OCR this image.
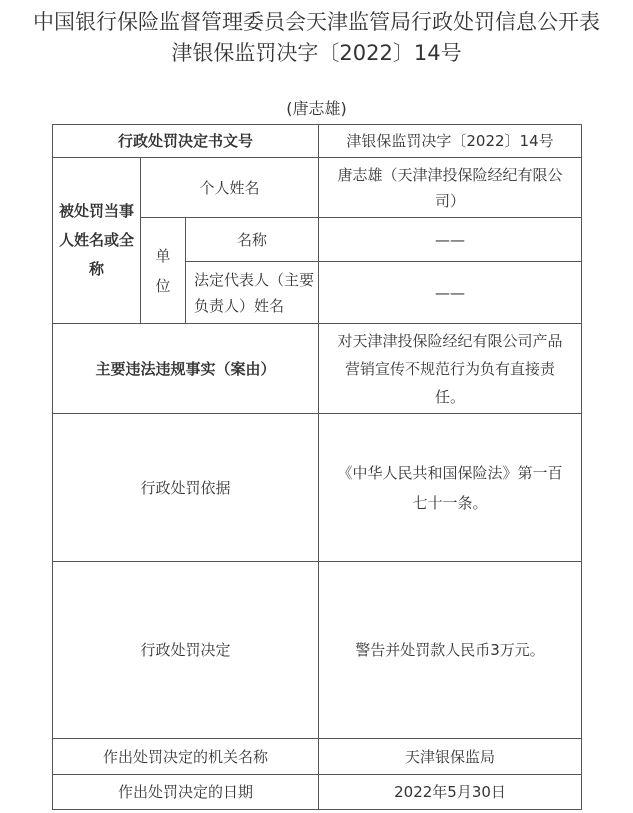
中国银行保险监督管理委员会天津监管局行政处罚信息公开表
津银保监罚决字〔2022〕14号
(唐志雄)
行政处罚决定书文号			津银保监罚决字〔2022〕14号
被处罚当事人姓名或全称	个人姓名		唐志雄（天津津投保险经纪有限公司）
	单位	名称	——
		法定代表人（主要负责人）姓名	——
主要违法违规事实（案由）			对天津津投保险经纪有限公司产品营销宣传不规范行为负有直接责任。
行政处罚依据			《中华人民共和国保险法》第一百七十一条。
行政处罚决定			警告并处罚款人民币3万元。
作出处罚决定的机关名称			天津银保监局
作出处罚决定的日期			2022年5月30日
